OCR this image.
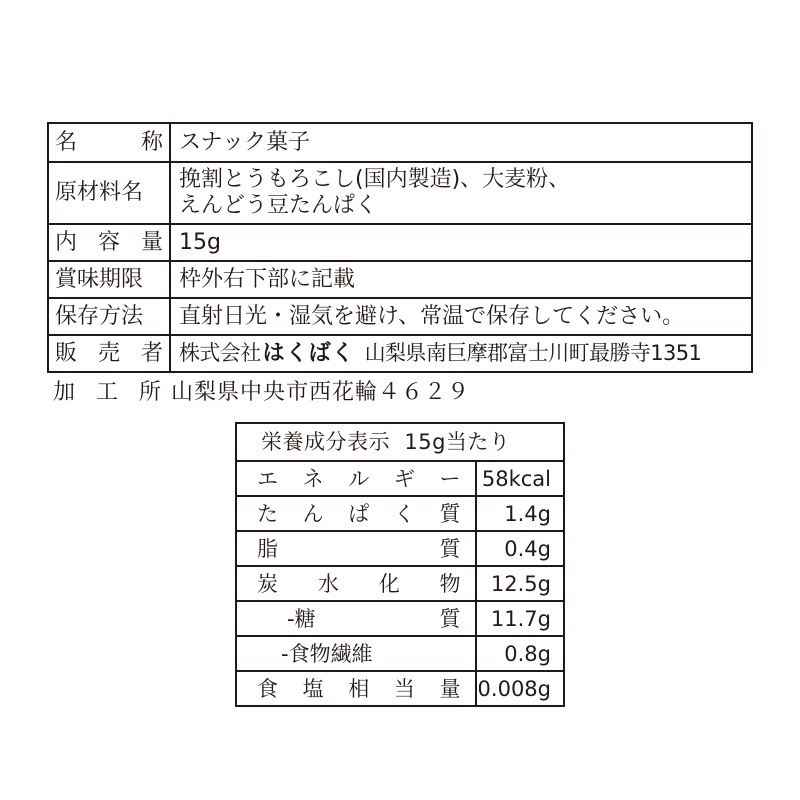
名 称	スナック菓子
原材料名	挽割とうもろこし(国内製造)、大麦粉、
えんどう豆たんぱく

内 容 量	15g
賞味期限	枠外右下部に記載
保存方法	直射日光・湿気を避け、常温で保存してください。

販 売 者	株式会社はくばく 山梨県南巨摩郡富士川町最勝寺1351
加 工 所 山梨県中央市西花輪４６２９
栄養成分表示 15g当たり	

エ ネ ル ギ ー	58kcal

た ん ぱ く 質	1.4g

脂 質	0.4g

炭 水 化 物	12.5g

-糖 質	11.7g
-食物繊維	0.8g

食 塩 相 当 量	0.008g
